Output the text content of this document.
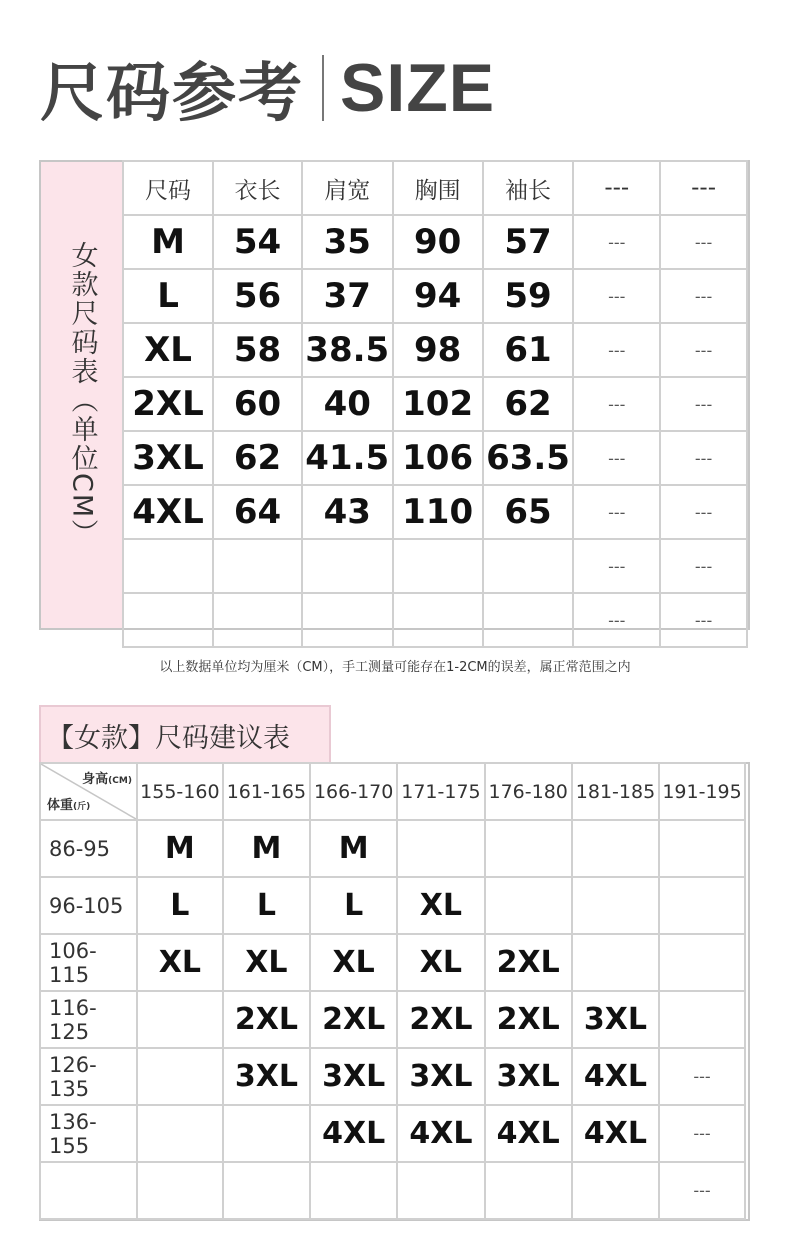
尺码参考 SIZE
女款尺码表（单位CM）
尺码	衣长	肩宽	胸围	袖长	---	---
M	54	35	90	57	---	---
L	56	37	94	59	---	---
XL	58	38.5	98	61	---	---
2XL	60	40	102	62	---	---
3XL	62	41.5	106	63.5	---	---
4XL	64	43	110	65	---	---
					---	---
					---	---
以上数据单位均为厘米（CM），手工测量可能存在1-2CM的误差，属正常范围之内
【女款】尺码建议表
身高(CM)
体重(斤)	155-160	161-165	166-170	171-175	176-180	181-185	191-195
86-95	M	M	M				
96-105	L	L	L	XL			
106-115	XL	XL	XL	XL	2XL		
116-125		2XL	2XL	2XL	2XL	3XL	
126-135		3XL	3XL	3XL	3XL	4XL	---
136-155			4XL	4XL	4XL	4XL	---
							---
